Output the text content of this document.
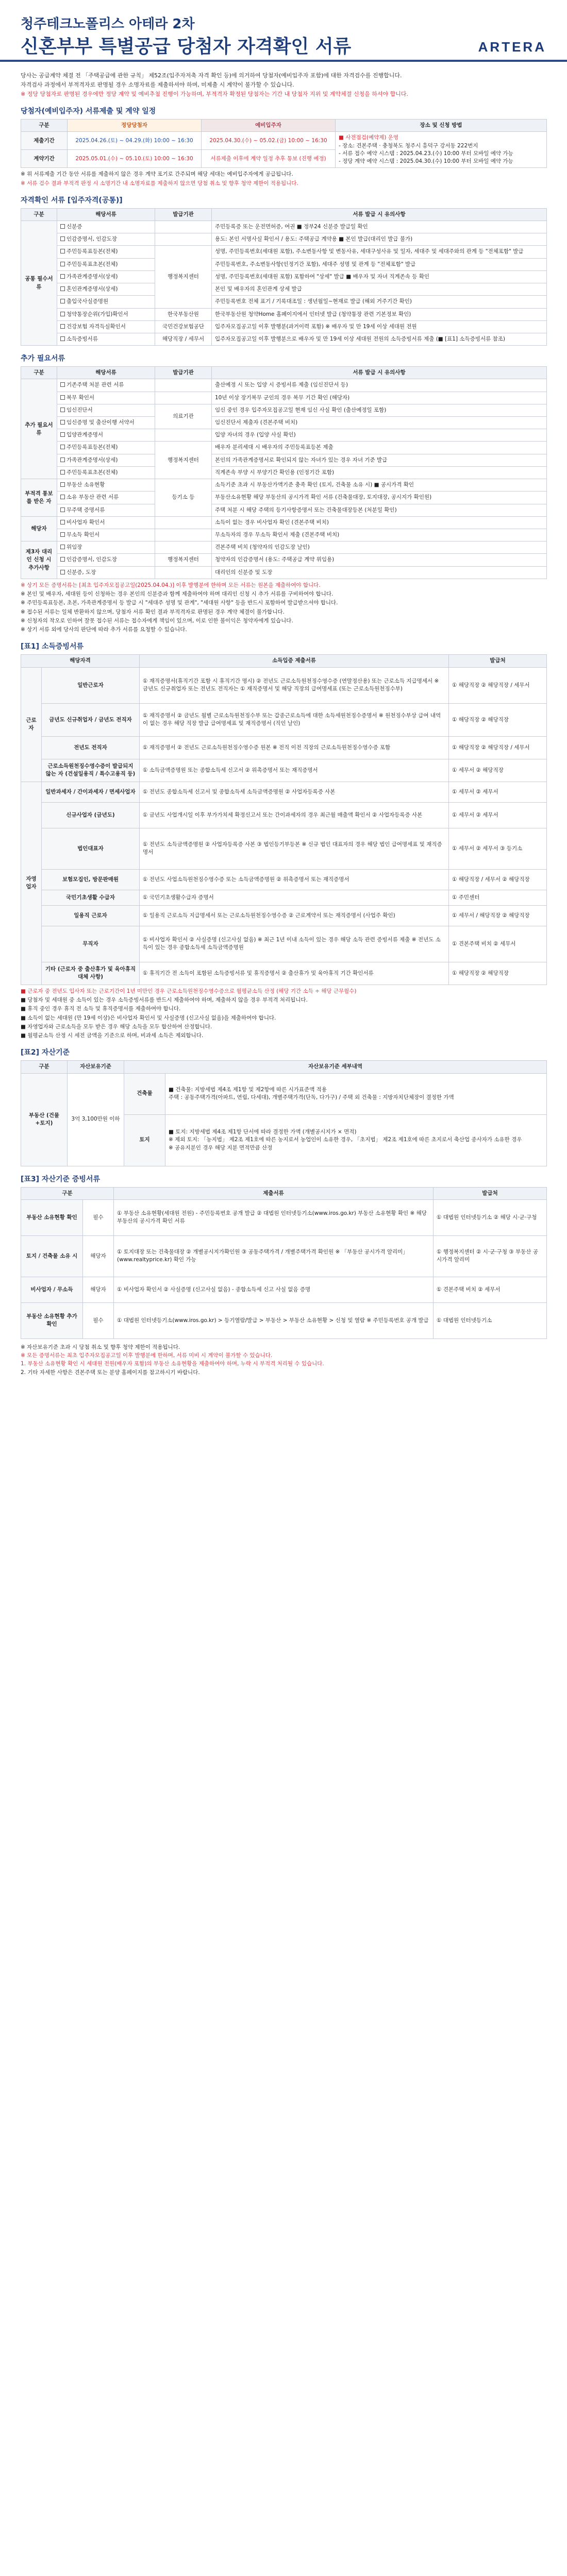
청주테크노폴리스 아테라 2차
신혼부부 특별공급 당첨자 자격확인 서류	ARTERA

당사는 공급계약 체결 전 「주택공급에 관한 규칙」 제52조(입주자저축 자격 확인 등)에 의거하여 당첨자(예비입주자 포함)에 대한 자격검수를 진행합니다.

자격검사 과정에서 부적격자로 판명될 경우 소명자료를 제출하셔야 하며, 미제출 시 계약이 불가할 수 있습니다.

※ 정당 당첨자로 판명된 경우에만 정당 계약 및 예비추첨 진행이 가능하며, 부적격자 확정된 당첨자는 기간 내 당첨자 지위 및 계약체결 신청을 하셔야 합니다.

당첨자(예비입주자) 서류제출 및 계약 일정
구분	정당당첨자	예비입주자	장소 및 신청 방법
제출기간	2025.04.26.(토) ~ 04.29.(화) 10:00 ~ 16:30	2025.04.30.(수) ~ 05.02.(금) 10:00 ~ 16:30	■ 사전점검(예약제) 운영
- 장소: 견본주택 · 충청북도 청주시 흥덕구 강서동 222번지
- 서류 접수 예약 시스템 : 2025.04.23.(수) 10:00 부터 모바일 예약 가능
- 정당 계약 예약 시스템 : 2025.04.30.(수) 10:00 부터 모바일 예약 가능

계약기간	2025.05.01.(수) ~ 05.10.(토) 10:00 ~ 16:30	서류제출 이후에 계약 일정 추후 통보 (진행 예정)	

※ 위 서류제출 기간 동안 서류를 제출하지 않은 경우 계약 포기로 간주되며 해당 세대는 예비입주자에게 공급됩니다.

※ 서류 검수 결과 부적격 판정 시 소명기간 내 소명자료를 제출하지 않으면 당첨 취소 및 향후 청약 제한이 적용됩니다.

자격확인 서류 [입주자격(공통)]
구분	해당서류	발급기관	서류 발급 시 유의사항
공통 필수서류	신분증		주민등록증 또는 운전면허증, 여권 ■ 정부24 신분증 발급일 확인
	인감증명서, 인감도장		용도: 본인 서명사실 확인서 / 용도: 주택공급 계약용 ■ 본인 발급(대리인 발급 불가)
	주민등록표등본(전체)	행정복지센터	성명, 주민등록번호(세대원 포함), 주소변동사항 및 변동사유, 세대구성사유 및 일자, 세대주 및 세대주와의 관계 등 "전체포함" 발급
	주민등록표초본(전체)		주민등록번호, 주소변동사항(인정기간 포함), 세대주 성명 및 관계 등 "전체포함" 발급
	가족관계증명서(상세)		성명, 주민등록번호(세대원 포함) 포함하여 "상세" 발급 ■ 배우자 및 자녀 직계존속 등 확인
	혼인관계증명서(상세)		본인 및 배우자의 혼인관계 상세 발급
	출입국사실증명원		주민등록번호 전체 표기 / 기록대조일 : 생년월일~현재로 발급 (해외 거주기간 확인)
	청약통장순위(가입)확인서	한국부동산원	한국부동산원 청약Home 홈페이지에서 인터넷 발급 (청약통장 관련 기본정보 확인)
	건강보험 자격득실확인서	국민건강보험공단	입주자모집공고일 이후 발행분(과거이력 포함) ※ 배우자 및 만 19세 이상 세대원 전원
	소득증빙서류	해당직장 / 세무서	입주자모집공고일 이후 발행분으로 배우자 및 만 19세 이상 세대원 전원의 소득증빙서류 제출 (■ [표1] 소득증빙서류 참조)
추가 필요서류
구분	해당서류	발급기관	서류 발급 시 유의사항
추가 필요서류	기존주택 처분 관련 서류		출산예정 시 또는 입양 시 증빙서류 제출 (임신진단서 등)
	복무 확인서		10년 이상 장기복무 군인의 경우 복무 기간 확인 (해당자)
	임신진단서	의료기관	임신 중인 경우 입주자모집공고일 현재 임신 사실 확인 (출산예정일 포함)
	임신증명 및 출산이행 서약서		임신진단서 제출자 (견본주택 비치)
	입양관계증명서		입양 자녀의 경우 (입양 사실 확인)
	주민등록표등본(전체)	행정복지센터	배우자 분리세대 시 배우자의 주민등록표등본 제출
	가족관계증명서(상세)		본인의 가족관계증명서로 확인되지 않는 자녀가 있는 경우 자녀 기준 발급
	주민등록표초본(전체)		직계존속 부양 시 부양기간 확인용 (인정기간 포함)
부적격 통보를 받은 자	부동산 소유현황	등기소 등	소득기준 초과 시 부동산가액기준 충족 확인 (토지, 건축물 소유 시) ■ 공시가격 확인
	소유 부동산 관련 서류		부동산소유현황 해당 부동산의 공시가격 확인 서류 (건축물대장, 토지대장, 공시지가 확인원)
	무주택 증명서류		주택 처분 시 해당 주택의 등기사항증명서 또는 건축물대장등본 (처분일 확인)
해당자	비사업자 확인서		소득이 없는 경우 비사업자 확인 (견본주택 비치)
	무소득 확인서		무소득자의 경우 무소득 확인서 제출 (견본주택 비치)
제3자 대리인 신청 시 추가사항	위임장		견본주택 비치 (청약자의 인감도장 날인)
	인감증명서, 인감도장	행정복지센터	청약자의 인감증명서 (용도: 주택공급 계약 위임용)
	신분증, 도장		대리인의 신분증 및 도장

※ 상기 모든 증명서류는 [최초 입주자모집공고일(2025.04.04.)] 이후 발행분에 한하며 모든 서류는 원본을 제출하여야 합니다.

※ 본인 및 배우자, 세대원 등이 신청하는 경우 본인의 신분증과 함께 제출하여야 하며 대리인 신청 시 추가 서류를 구비하여야 합니다.

※ 주민등록표등본, 초본, 가족관계증명서 등 발급 시 "세대주 성명 및 관계", "세대원 사항" 등을 반드시 포함하여 발급받으셔야 합니다.

※ 접수된 서류는 일체 반환하지 않으며, 당첨자 서류 확인 결과 부적격자로 판명된 경우 계약 체결이 불가합니다.

※ 신청자의 착오로 인하여 잘못 접수된 서류는 접수자에게 책임이 있으며, 이로 인한 불이익은 청약자에게 있습니다.

※ 상기 서류 외에 당사의 판단에 따라 추가 서류를 요청할 수 있습니다.

[표1] 소득증빙서류
해당자격		소득입증 제출서류	발급처
근로자	일반근로자	① 재직증명서(휴직기간 포함 시 휴직기간 명시) ② 전년도 근로소득원천징수영수증 (연말정산용) 또는 근로소득 지급명세서 ※ 금년도 신규취업자 또는 전년도 전직자는 ① 재직증명서 및 해당 직장의 급여명세표 (또는 근로소득원천징수부)	① 해당직장 ② 해당직장 / 세무서
	금년도 신규취업자 / 금년도 전직자	① 재직증명서 ② 금년도 월별 근로소득원천징수부 또는 갑종근로소득에 대한 소득세원천징수증명서 ※ 원천징수부상 급여 내역이 없는 경우 해당 직장 발급 급여명세표 및 재직증명서 (직인 날인)	① 해당직장 ② 해당직장
	전년도 전직자	① 재직증명서 ② 전년도 근로소득원천징수영수증 원본 ※ 전직 이전 직장의 근로소득원천징수영수증 포함	① 해당직장 ② 해당직장 / 세무서
	근로소득원천징수영수증이 발급되지 않는 자 (건설일용직 / 특수고용직 등)	① 소득금액증명원 또는 종합소득세 신고서 ② 위촉증명서 또는 재직증명서	① 세무서 ② 해당직장
자영업자	일반과세자 / 간이과세자 / 면세사업자	① 전년도 종합소득세 신고서 및 종합소득세 소득금액증명원 ② 사업자등록증 사본	① 세무서 ② 세무서
	신규사업자 (금년도)	① 금년도 사업개시일 이후 부가가치세 확정신고서 또는 간이과세자의 경우 최근월 매출액 확인서 ② 사업자등록증 사본	① 세무서 ② 세무서
	법인대표자	① 전년도 소득금액증명원 ② 사업자등록증 사본 ③ 법인등기부등본 ※ 신규 법인 대표자의 경우 해당 법인 급여명세표 및 재직증명서	① 세무서 ② 세무서 ③ 등기소
	보험모집인, 방문판매원	① 전년도 사업소득원천징수영수증 또는 소득금액증명원 ② 위촉증명서 또는 재직증명서	① 해당직장 / 세무서 ② 해당직장
	국민기초생활 수급자	① 국민기초생활수급자 증명서	① 주민센터
	일용직 근로자	① 일용직 근로소득 지급명세서 또는 근로소득원천징수영수증 ② 근로계약서 또는 재직증명서 (사업주 확인)	① 세무서 / 해당직장 ② 해당직장
	무직자	① 비사업자 확인서 ② 사실증명 (신고사실 없음) ※ 최근 1년 이내 소득이 있는 경우 해당 소득 관련 증빙서류 제출 ※ 전년도 소득이 있는 경우 종합소득세 소득금액증명원	① 견본주택 비치 ② 세무서
	기타 (근로자 중 출산휴가 및 육아휴직 대체 사항)	① 휴직기간 전 소득이 포함된 소득증빙서류 및 휴직증명서 ② 출산휴가 및 육아휴직 기간 확인서류	① 해당직장 ② 해당직장

■ 근로자 중 전년도 입사자 또는 근로기간이 1년 미만인 경우 근로소득원천징수영수증으로 월평균소득 산정 (해당 기간 소득 ÷ 해당 근무월수)

■ 당첨자 및 세대원 중 소득이 있는 경우 소득증빙서류를 반드시 제출하여야 하며, 제출하지 않을 경우 부적격 처리됩니다.

■ 휴직 중인 경우 휴직 전 소득 및 휴직증명서를 제출하여야 합니다.

■ 소득이 없는 세대원 (만 19세 이상)은 비사업자 확인서 및 사실증명 (신고사실 없음)을 제출하여야 합니다.

■ 자영업자와 근로소득을 모두 받은 경우 해당 소득을 모두 합산하여 산정합니다.

■ 월평균소득 산정 시 세전 금액을 기준으로 하며, 비과세 소득은 제외합니다.

[표2] 자산기준
구분	자산보유기준	자산보유기준 세부내역	
부동산 (건물+토지)	3억 3,100만원 이하	건축물	■ 건축물: 지방세법 제4조 제1항 및 제2항에 따른 시가표준액 적용
주택 : 공동주택가격(아파트, 연립, 다세대), 개별주택가격(단독, 다가구) / 주택 외 건축물 : 지방자치단체장이 결정한 가액

		토지	■ 토지: 지방세법 제4조 제1항 단서에 따라 결정한 가액 (개별공시지가 × 면적)
※ 제외 토지: 「농지법」 제2조 제1호에 따른 농지로서 농업인이 소유한 경우, 「초지법」 제2조 제1호에 따른 초지로서 축산업 종사자가 소유한 경우
※ 공유지분인 경우 해당 지분 면적만큼 산정
[표3] 자산기준 증빙서류
구분		제출서류	발급처
부동산 소유현황 확인	필수	① 부동산 소유현황(세대원 전원) - 주민등록번호 공개 발급 ② 대법원 인터넷등기소(www.iros.go.kr) 부동산 소유현황 확인 ※ 해당 부동산의 공시가격 확인 서류	① 대법원 인터넷등기소 ② 해당 시·군·구청
토지 / 건축물 소유 시	해당자	① 토지대장 또는 건축물대장 ② 개별공시지가확인원 ③ 공동주택가격 / 개별주택가격 확인원 ※ 「부동산 공시가격 알리미」(www.realtyprice.kr) 확인 가능	① 행정복지센터 ② 시·군·구청 ③ 부동산 공시가격 알리미
비사업자 / 무소득	해당자	① 비사업자 확인서 ② 사실증명 (신고사실 없음) - 종합소득세 신고 사실 없음 증명	① 견본주택 비치 ② 세무서
부동산 소유현황 추가확인	필수	① 대법원 인터넷등기소(www.iros.go.kr) > 등기열람/발급 > 부동산 > 부동산 소유현황 > 신청 및 열람 ※ 주민등록번호 공개 발급	① 대법원 인터넷등기소

※ 자산보유기준 초과 시 당첨 취소 및 향후 청약 제한이 적용됩니다.

※ 모든 증명서류는 최초 입주자모집공고일 이후 발행분에 한하며, 서류 미비 시 계약이 불가할 수 있습니다.

1. 부동산 소유현황 확인 시 세대원 전원(배우자 포함)의 부동산 소유현황을 제출하여야 하며, 누락 시 부적격 처리될 수 있습니다.

2. 기타 자세한 사항은 견본주택 또는 분양 홈페이지를 참고하시기 바랍니다.
